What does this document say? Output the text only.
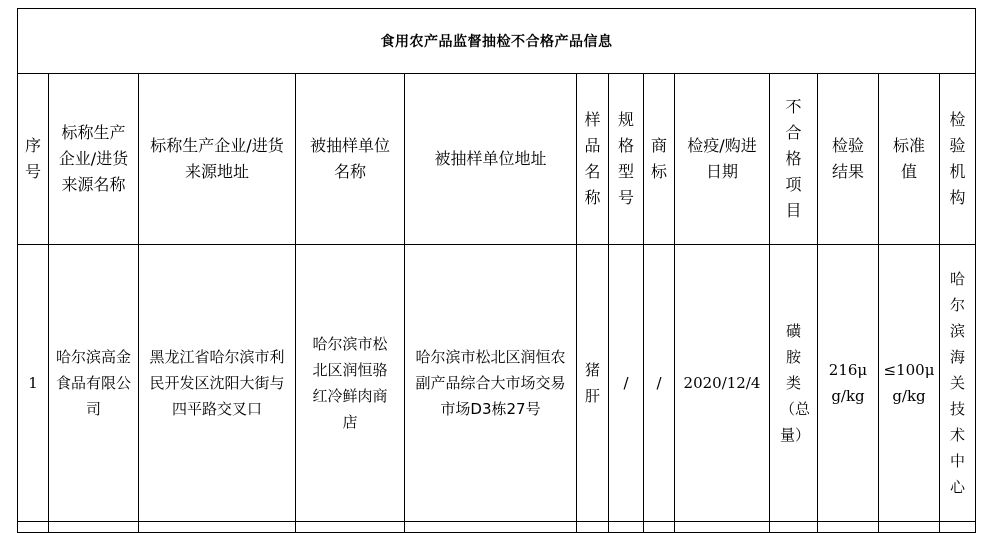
食用农产品监督抽检不合格产品信息												
序号	标称生产企业/进货来源名称	标称生产企业/进货来源地址	被抽样单位名称	被抽样单位地址	样品名称	规格型号	商标	检疫/购进日期	不合格项目	检验结果	标准值	检验机构
1	哈尔滨高金食品有限公司	黑龙江省哈尔滨市利民开发区沈阳大街与四平路交叉口	哈尔滨市松北区润恒骆红冷鲜肉商店	哈尔滨市松北区润恒农副产品综合大市场交易市场D3栋27号	猪肝	/	/	2020/12/4	磺胺类（总量）	216μg/kg	≤100μg/kg	哈尔滨海关技术中心
